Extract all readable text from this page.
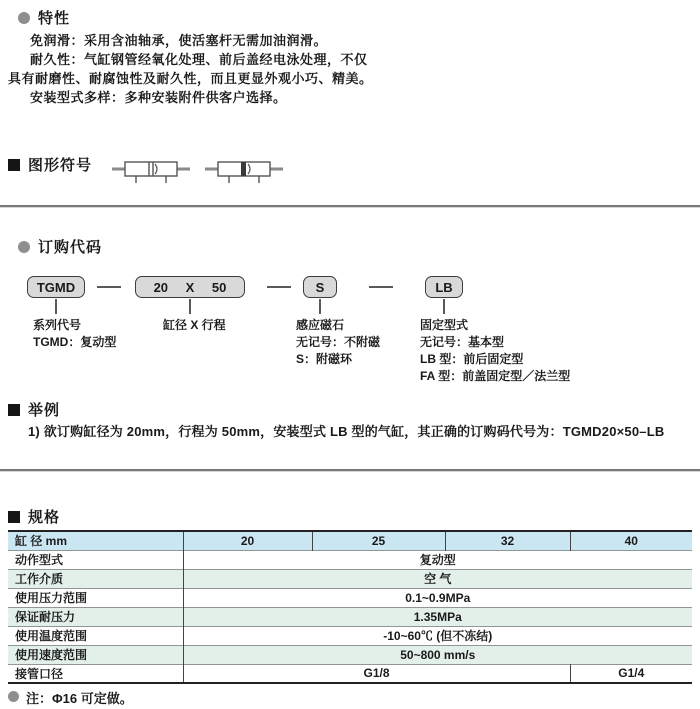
特性
免润滑：采用含油轴承，使活塞杆无需加油润滑。
耐久性：气缸钢管经氧化处理、前后盖经电泳处理，不仅
具有耐磨性、耐腐蚀性及耐久性，而且更显外观小巧、精美。
安装型式多样：多种安装附件供客户选择。
图形符号
订购代码
TGMD	20 X 50	S	LB
系列代号
TGMD：复动型
缸径 X 行程	感应磁石
无记号：不附磁
S：附磁环
固定型式
无记号：基本型
LB 型：前后固定型
FA 型：前盖固定型／法兰型
举例
1) 欲订购缸径为 20mm，行程为 50mm，安装型式 LB 型的气缸，其正确的订购码代号为：TGMD20×50–LB
规格
缸 径 mm	20	25	32	40
动作型式	复动型			
工作介质	空 气			
使用压力范围	0.1~0.9MPa			
保证耐压力	1.35MPa			
使用温度范围	-10~60℃ (但不冻结)			
使用速度范围	50~800 mm/s			
接管口径	G1/8			G1/4
注：Φ16 可定做。
